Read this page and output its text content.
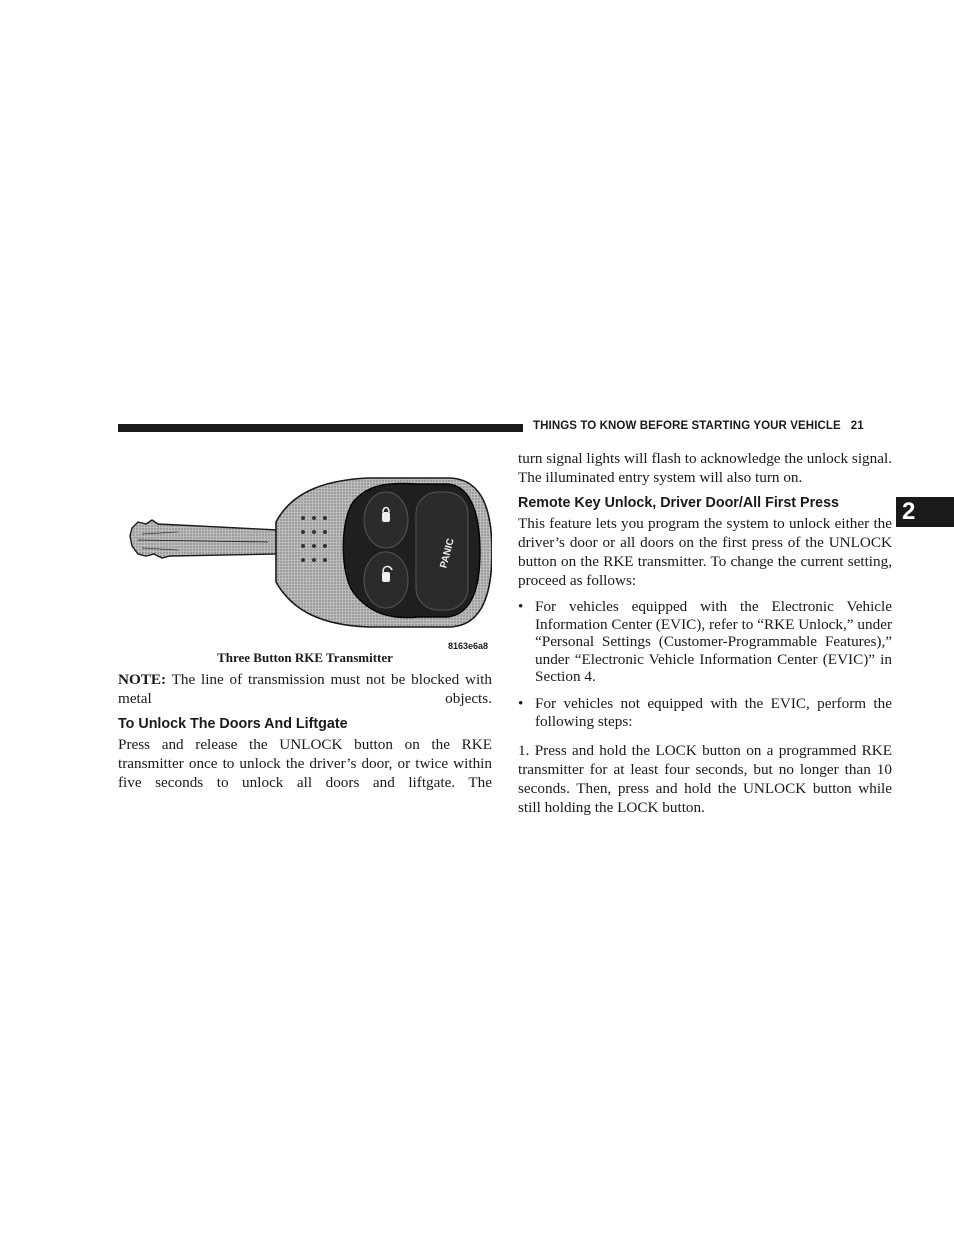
THINGS TO KNOW BEFORE STARTING YOUR VEHICLE 21
2
PANIC
8163e6a8
Three Button RKE Transmitter

NOTE: The line of transmission must not be blocked with metal objects.

To Unlock The Doors And Liftgate

Press and release the UNLOCK button on the RKE transmitter once to unlock the driver’s door, or twice within five seconds to unlock all doors and liftgate. The

turn signal lights will flash to acknowledge the unlock signal. The illuminated entry system will also turn on.

Remote Key Unlock, Driver Door/All First Press

This feature lets you program the system to unlock either the driver’s door or all doors on the first press of the UNLOCK button on the RKE transmitter. To change the current setting, proceed as follows:

• For vehicles equipped with the Electronic Vehicle Information Center (EVIC), refer to “RKE Unlock,” under “Personal Settings (Customer-Programmable Features),” under “Electronic Vehicle Information Center (EVIC)” in Section 4.
• For vehicles not equipped with the EVIC, perform the following steps:

1. Press and hold the LOCK button on a programmed RKE transmitter for at least four seconds, but no longer than 10 seconds. Then, press and hold the UNLOCK button while still holding the LOCK button.
